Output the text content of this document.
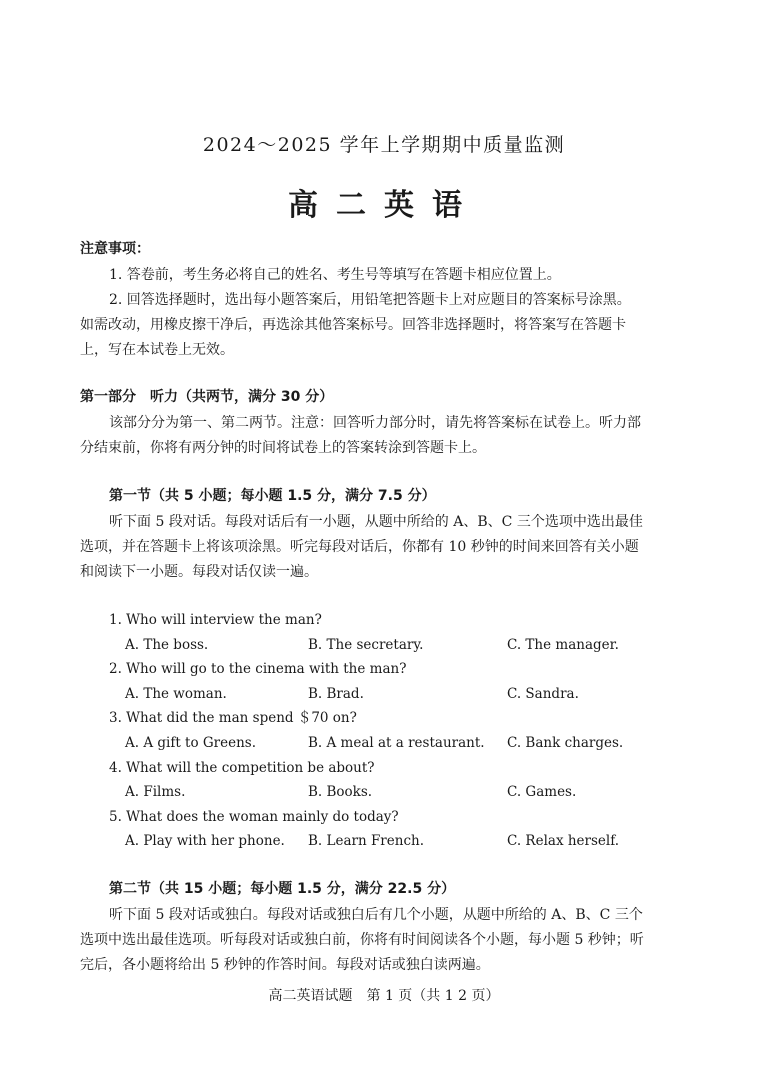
2024～2025 学年上学期期中质量监测
高二英语
注意事项：
1. 答卷前，考生务必将自己的姓名、考生号等填写在答题卡相应位置上。
2. 回答选择题时，选出每小题答案后，用铅笔把答题卡上对应题目的答案标号涂黑。
如需改动，用橡皮擦干净后，再选涂其他答案标号。回答非选择题时，将答案写在答题卡
上，写在本试卷上无效。
第一部分　听力（共两节，满分 30 分）
该部分分为第一、第二两节。注意：回答听力部分时，请先将答案标在试卷上。听力部
分结束前，你将有两分钟的时间将试卷上的答案转涂到答题卡上。
第一节（共 5 小题；每小题 1.5 分，满分 7.5 分）
听下面 5 段对话。每段对话后有一小题，从题中所给的 A、B、C 三个选项中选出最佳
选项，并在答题卡上将该项涂黑。听完每段对话后，你都有 10 秒钟的时间来回答有关小题
和阅读下一小题。每段对话仅读一遍。
1. Who will interview the man?
A. The boss.	B. The secretary.	C. The manager.
2. Who will go to the cinema with the man?
A. The woman.	B. Brad.	C. Sandra.
3. What did the man spend ＄70 on?
A. A gift to Greens.	B. A meal at a restaurant. C. Bank charges.
4. What will the competition be about?
A. Films.	B. Books.	C. Games.
5. What does the woman mainly do today?
A. Play with her phone. B. Learn French.	C. Relax herself.
第二节（共 15 小题；每小题 1.5 分，满分 22.5 分）
听下面 5 段对话或独白。每段对话或独白后有几个小题，从题中所给的 A、B、C 三个
选项中选出最佳选项。听每段对话或独白前，你将有时间阅读各个小题，每小题 5 秒钟；听
完后，各小题将给出 5 秒钟的作答时间。每段对话或独白读两遍。
高二英语试题　第 1 页（共 1 2 页）
